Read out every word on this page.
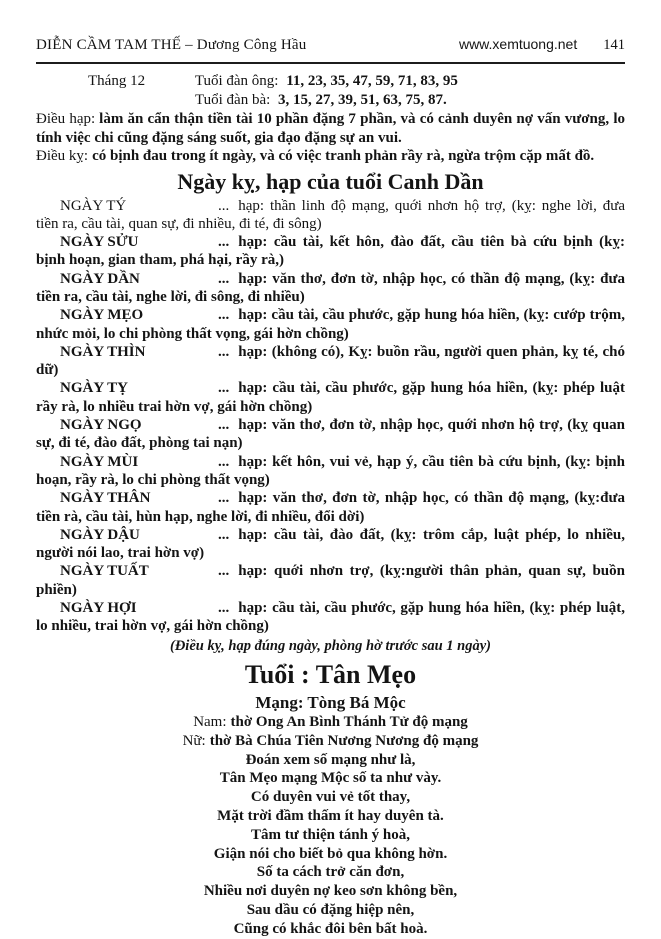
DIỄN CẦM TAM THẾ – Dương Công Hầu	www.xemtuong.net 141
Tháng 12	Tuổi đàn ông: 11, 23, 35, 47, 59, 71, 83, 95
Tuổi đàn bà: 3, 15, 27, 39, 51, 63, 75, 87.

Điều hạp: làm ăn cẩn thận tiền tài 10 phần đặng 7 phần, và có cảnh duyên nợ vấn vương, lo tính việc chi cũng đặng sáng suốt, gia đạo đặng sự an vui.

Điều kỵ: có bịnh đau trong ít ngày, và có việc tranh phản rầy rà, ngừa trộm cặp mất đồ.

Ngày kỵ, hạp của tuổi Canh Dần

NGÀY TÝ	... hạp: thần linh độ mạng, quới nhơn hộ trợ, (kỵ: nghe lời, đưa tiền ra, cầu tài, quan sự, đi nhiều, đi té, đi sông)

NGÀY SỬU	... hạp: cầu tài, kết hôn, đào đất, cầu tiên bà cứu bịnh (kỵ: bịnh hoạn, gian tham, phá hại, rầy rà,)

NGÀY DẦN	... hạp: văn thơ, đơn tờ, nhập học, có thần độ mạng, (kỵ: đưa tiền ra, cầu tài, nghe lời, đi sông, đi nhiều)

NGÀY MẸO	... hạp: cầu tài, cầu phước, gặp hung hóa hiền, (kỵ: cướp trộm, nhức mỏi, lo chi phòng thất vọng, gái hờn chồng)

NGÀY THÌN	... hạp: (không có), Kỵ: buồn rầu, người quen phản, kỵ té, chó dữ)

NGÀY TỴ	... hạp: cầu tài, cầu phước, gặp hung hóa hiền, (kỵ: phép luật rầy rà, lo nhiều trai hờn vợ, gái hờn chồng)

NGÀY NGỌ	... hạp: văn thơ, đơn tờ, nhập học, quới nhơn hộ trợ, (kỵ quan sự, đi té, đào đất, phòng tai nạn)

NGÀY MÙI	... hạp: kết hôn, vui vẻ, hạp ý, cầu tiên bà cứu bịnh, (kỵ: bịnh hoạn, rầy rà, lo chi phòng thất vọng)

NGÀY THÂN	... hạp: văn thơ, đơn tờ, nhập học, có thần độ mạng, (kỵ:đưa tiền rà, cầu tài, hùn hạp, nghe lời, đi nhiều, đổi dời)

NGÀY DẬU	... hạp: cầu tài, đào đất, (kỵ: trôm cắp, luật phép, lo nhiều, người nói lao, trai hờn vợ)

NGÀY TUẤT	... hạp: quới nhơn trợ, (kỵ:người thân phản, quan sự, buồn phiền)

NGÀY HỢI	... hạp: cầu tài, cầu phước, gặp hung hóa hiền, (kỵ: phép luật, lo nhiều, trai hờn vợ, gái hờn chồng)

(Điều kỵ, hạp đúng ngày, phòng hờ trước sau 1 ngày)
Tuổi : Tân Mẹo
Mạng: Tòng Bá Mộc
Nam: thờ Ong An Bình Thánh Tử độ mạng
Nữ: thờ Bà Chúa Tiên Nương Nương độ mạng
Đoán xem số mạng như là,
Tân Mẹo mạng Mộc số ta như vày.
Có duyên vui vẻ tốt thay,
Mặt trời đầm thấm ít hay duyên tà.
Tâm tư thiện tánh ý hoà,
Giận nói cho biết bỏ qua không hờn.
Số ta cách trở căn đơn,
Nhiều nơi duyên nợ keo sơn không bền,
Sau dầu có đặng hiệp nên,
Cũng có khắc đôi bên bất hoà.
